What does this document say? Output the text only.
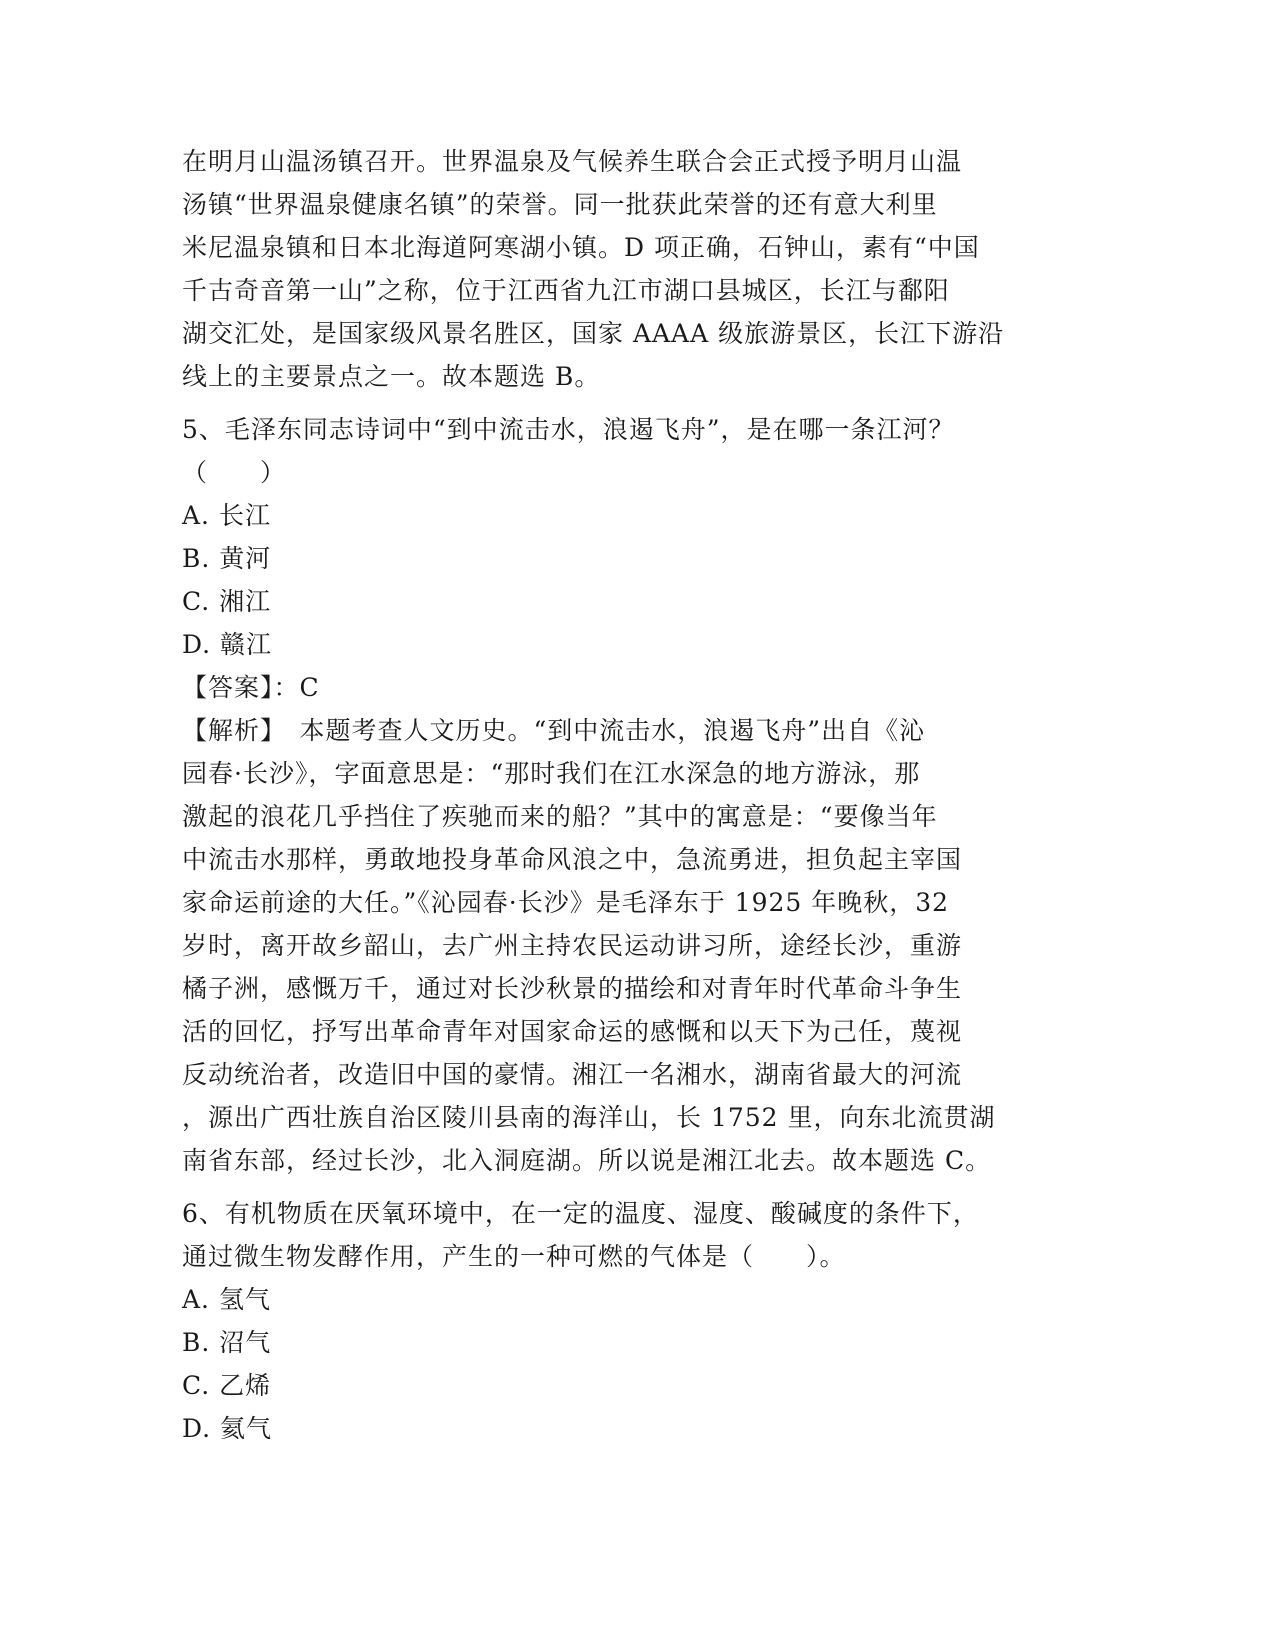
在明月山温汤镇召开。世界温泉及气候养生联合会正式授予明月山温
汤镇“世界温泉健康名镇”的荣誉。同一批获此荣誉的还有意大利里
米尼温泉镇和日本北海道阿寒湖小镇。D 项正确，石钟山，素有“中国
千古奇音第一山”之称，位于江西省九江市湖口县城区，长江与鄱阳
湖交汇处，是国家级风景名胜区，国家 AAAA 级旅游景区，长江下游沿
线上的主要景点之一。故本题选 B。
5、毛泽东同志诗词中“到中流击水，浪遏飞舟”，是在哪一条江河？
（　　）
A. 长江
B. 黄河
C. 湘江
D. 赣江
【答案】：C
【解析】　本题考查人文历史。“到中流击水，浪遏飞舟”出自《沁
园春·长沙》，字面意思是：“那时我们在江水深急的地方游泳，那
激起的浪花几乎挡住了疾驰而来的船？”其中的寓意是：“要像当年
中流击水那样，勇敢地投身革命风浪之中，急流勇进，担负起主宰国
家命运前途的大任。”《沁园春·长沙》是毛泽东于 1925 年晚秋，32
岁时，离开故乡韶山，去广州主持农民运动讲习所，途经长沙，重游
橘子洲，感慨万千，通过对长沙秋景的描绘和对青年时代革命斗争生
活的回忆，抒写出革命青年对国家命运的感慨和以天下为己任，蔑视
反动统治者，改造旧中国的豪情。湘江一名湘水，湖南省最大的河流
，源出广西壮族自治区陵川县南的海洋山，长 1752 里，向东北流贯湖
南省东部，经过长沙，北入洞庭湖。所以说是湘江北去。故本题选 C。
6、有机物质在厌氧环境中，在一定的温度、湿度、酸碱度的条件下，
通过微生物发酵作用，产生的一种可燃的气体是（　　）。
A. 氢气
B. 沼气
C. 乙烯
D. 氦气
